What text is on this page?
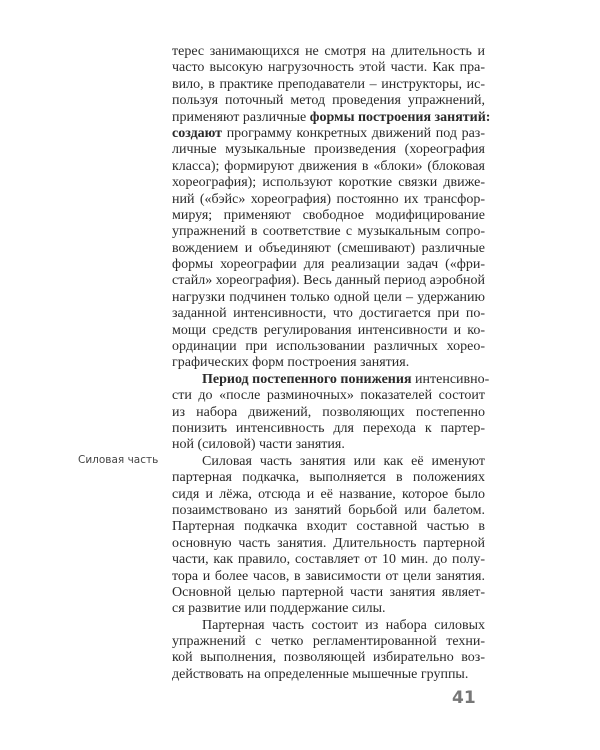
терес занимающихся не смотря на длительность и
часто высокую нагрузочность этой части. Как пра-
вило, в практике преподаватели – инструкторы, ис-
пользуя поточный метод проведения упражнений,
применяют различные формы построения занятий:
создают программу конкретных движений под раз-
личные музыкальные произведения (хореография
класса); формируют движения в «блоки» (блоковая
хореография); используют короткие связки движе-
ний («бэйс» хореография) постоянно их трансфор-
мируя; применяют свободное модифицирование
упражнений в соответствие с музыкальным сопро-
вождением и объединяют (смешивают) различные
формы хореографии для реализации задач («фри-
стайл» хореография). Весь данный период аэробной
нагрузки подчинен только одной цели – удержанию
заданной интенсивности, что достигается при по-
мощи средств регулирования интенсивности и ко-
ординации при использовании различных хорео-
графических форм построения занятия.
Период постепенного понижения интенсивно-
сти до «после разминочных» показателей состоит
из набора движений, позволяющих постепенно
понизить интенсивность для перехода к партер-
ной (силовой) части занятия.
Силовая часть занятия или как её именуют
партерная подкачка, выполняется в положениях
сидя и лёжа, отсюда и её название, которое было
позаимствовано из занятий борьбой или балетом.
Партерная подкачка входит составной частью в
основную часть занятия. Длительность партерной
части, как правило, составляет от 10 мин. до полу-
тора и более часов, в зависимости от цели занятия.
Основной целью партерной части занятия являет-
ся развитие или поддержание силы.
Партерная часть состоит из набора силовых
упражнений с четко регламентированной техни-
кой выполнения, позволяющей избирательно воз-
действовать на определенные мышечные группы.
Силовая часть
41
